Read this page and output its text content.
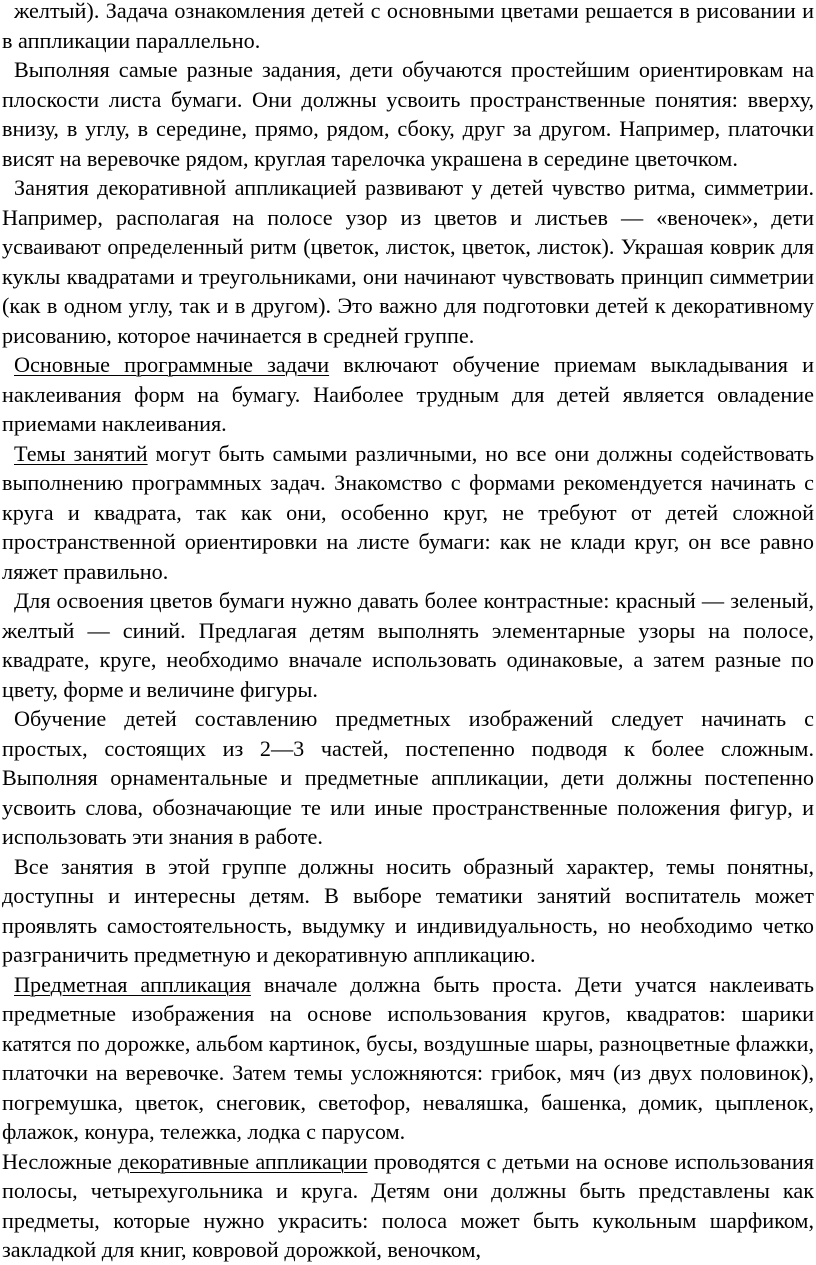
желтый). Задача ознакомления детей с основными цветами решается в рисовании и в аппликации параллельно.

Выполняя самые разные задания, дети обучаются простейшим ориентировкам на плоскости листа бумаги. Они должны усвоить пространственные понятия: вверху, внизу, в углу, в середине, прямо, рядом, сбоку, друг за другом. Например, платочки висят на веревочке рядом, круглая тарелочка украшена в середине цветочком.

Занятия декоративной аппликацией развивают у детей чувство ритма, симметрии. Например, располагая на полосе узор из цветов и листьев — «веночек», дети усваивают определенный ритм (цветок, листок, цветок, листок). Украшая коврик для куклы квадратами и треугольниками, они начинают чувствовать принцип симметрии (как в одном углу, так и в другом). Это важно для подготовки детей к декоративному рисованию, которое начинается в средней группе.

Основные программные задачи включают обучение приемам выкладывания и наклеивания форм на бумагу. Наиболее трудным для детей является овладение приемами наклеивания.

Темы занятий могут быть самыми различными, но все они должны содействовать выполнению программных задач. Знакомство с формами рекомендуется начинать с круга и квадрата, так как они, особенно круг, не требуют от детей сложной пространственной ориентировки на листе бумаги: как не клади круг, он все равно ляжет правильно.

Для освоения цветов бумаги нужно давать более контрастные: красный — зеленый, желтый — синий. Предлагая детям выполнять элементарные узоры на полосе, квадрате, круге, необходимо вначале использовать одинаковые, а затем разные по цвету, форме и величине фигуры.

Обучение детей составлению предметных изображений следует начинать с простых, состоящих из 2—3 частей, постепенно подводя к более сложным. Выполняя орнаментальные и предметные аппликации, дети должны постепенно усвоить слова, обозначающие те или иные пространственные положения фигур, и использовать эти знания в работе.

Все занятия в этой группе должны носить образный характер, темы понятны, доступны и интересны детям. В выборе тематики занятий воспитатель может проявлять самостоятельность, выдумку и индивидуальность, но необходимо четко разграничить предметную и декоративную аппликацию.

Предметная аппликация вначале должна быть проста. Дети учатся наклеивать предметные изображения на основе использования кругов, квадратов: шарики катятся по дорожке, альбом картинок, бусы, воздушные шары, разноцветные флажки, платочки на веревочке. Затем темы усложняются: грибок, мяч (из двух половинок), погремушка, цветок, снеговик, светофор, неваляшка, башенка, домик, цыпленок, флажок, конура, тележка, лодка с парусом.

Несложные декоративные аппликации проводятся с детьми на основе использования полосы, четырехугольника и круга. Детям они должны быть представлены как предметы, которые нужно украсить: полоса может быть кукольным шарфиком, закладкой для книг, ковровой дорожкой, веночком,
